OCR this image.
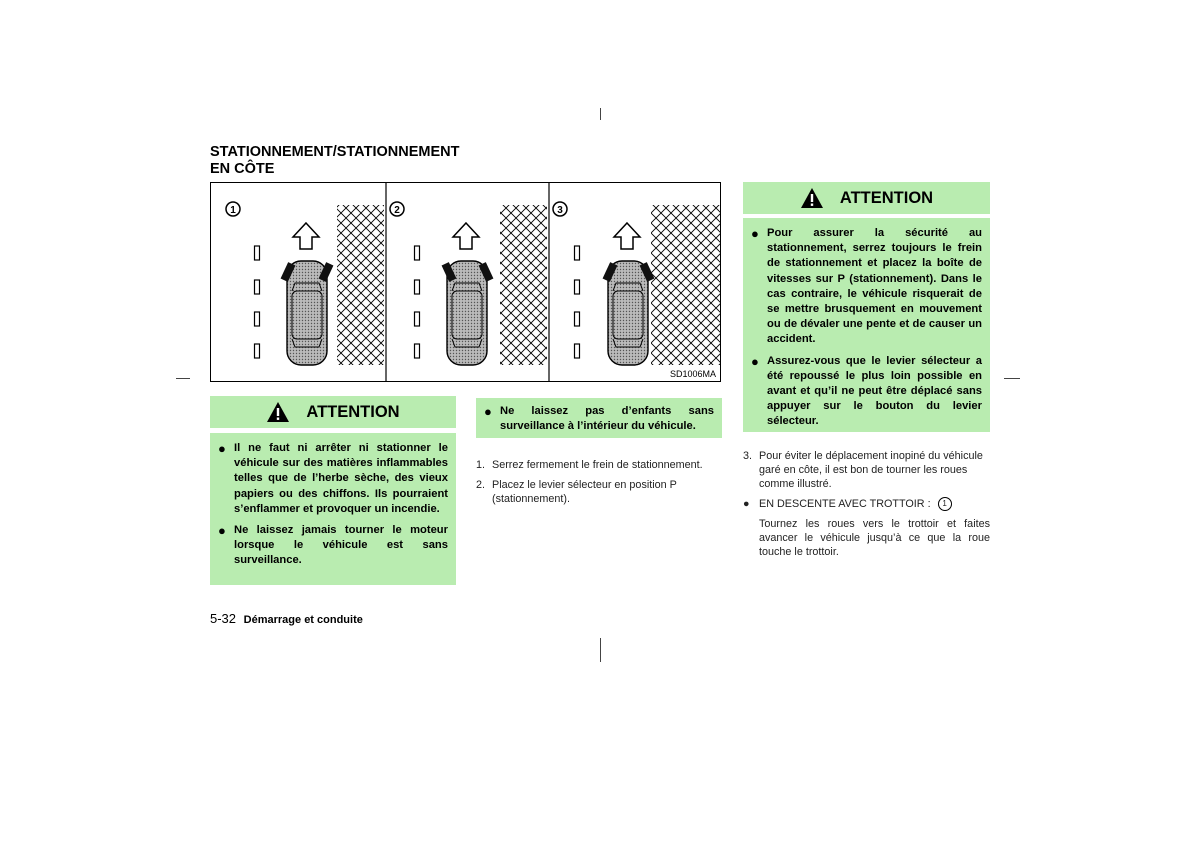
STATIONNEMENT/STATIONNEMENT
EN CÔTE
1	2	3
SD1006MA
ATTENTION
● Il ne faut ni arrêter ni stationner le véhicule sur des matières inflammables telles que de l’herbe sèche, des vieux papiers ou des chiffons. Ils pourraient s’enflammer et provoquer un incendie.
● Ne laissez jamais tourner le moteur lorsque le véhicule est sans surveillance.
● Ne laissez pas d’enfants sans surveillance à l’intérieur du véhicule.
1. Serrez fermement le frein de stationnement.
2. Placez le levier sélecteur en position P (stationnement).
ATTENTION
● Pour assurer la sécurité au stationnement, serrez toujours le frein de stationnement et placez la boîte de vitesses sur P (stationnement). Dans le cas contraire, le véhicule risquerait de se mettre brusquement en mouvement ou de dévaler une pente et de causer un accident.
● Assurez-vous que le levier sélecteur a été repoussé le plus loin possible en avant et qu’il ne peut être déplacé sans appuyer sur le bouton du levier sélecteur.
3. Pour éviter le déplacement inopiné du véhicule garé en côte, il est bon de tourner les roues comme illustré.
● EN DESCENTE AVEC TROTTOIR : 1
Tournez les roues vers le trottoir et faites avancer le véhicule jusqu’à ce que la roue touche le trottoir.
5-32 Démarrage et conduite
